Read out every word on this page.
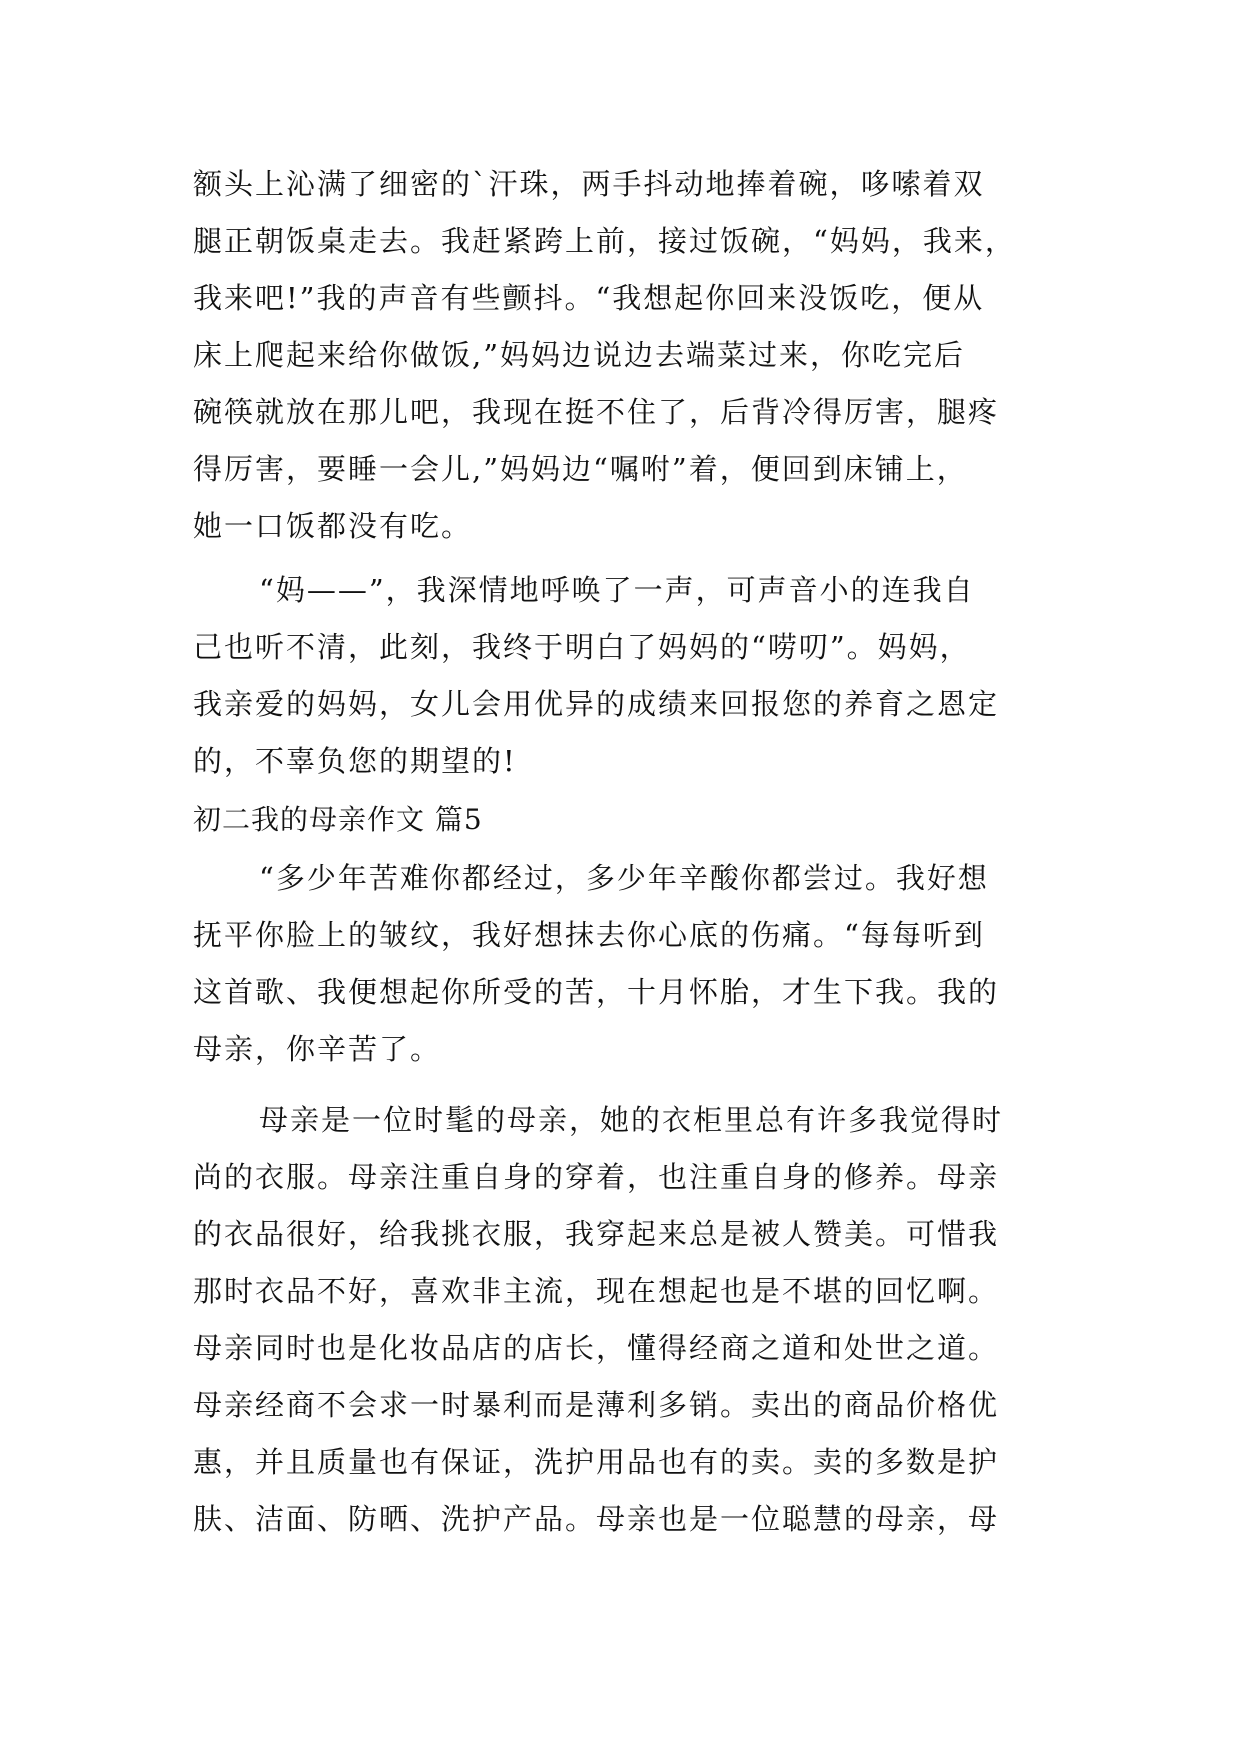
额头上沁满了细密的`汗珠，两手抖动地捧着碗，哆嗦着双
腿正朝饭桌走去。我赶紧跨上前，接过饭碗，“妈妈，我来，
我来吧!”我的声音有些颤抖。“我想起你回来没饭吃，便从
床上爬起来给你做饭,”妈妈边说边去端菜过来，你吃完后
碗筷就放在那儿吧，我现在挺不住了，后背冷得厉害，腿疼
得厉害，要睡一会儿,”妈妈边“嘱咐”着，便回到床铺上，
她一口饭都没有吃。
“妈——”，我深情地呼唤了一声，可声音小的连我自
己也听不清，此刻，我终于明白了妈妈的“唠叨”。妈妈，
我亲爱的妈妈，女儿会用优异的成绩来回报您的养育之恩定
的，不辜负您的期望的!
初二我的母亲作文 篇5
“多少年苦难你都经过，多少年辛酸你都尝过。我好想
抚平你脸上的皱纹，我好想抹去你心底的伤痛。“每每听到
这首歌、我便想起你所受的苦，十月怀胎，才生下我。我的
母亲，你辛苦了。
母亲是一位时髦的母亲，她的衣柜里总有许多我觉得时
尚的衣服。母亲注重自身的穿着，也注重自身的修养。母亲
的衣品很好，给我挑衣服，我穿起来总是被人赞美。可惜我
那时衣品不好，喜欢非主流，现在想起也是不堪的回忆啊。
母亲同时也是化妆品店的店长，懂得经商之道和处世之道。
母亲经商不会求一时暴利而是薄利多销。卖出的商品价格优
惠，并且质量也有保证，洗护用品也有的卖。卖的多数是护
肤、洁面、防晒、洗护产品。母亲也是一位聪慧的母亲，母
